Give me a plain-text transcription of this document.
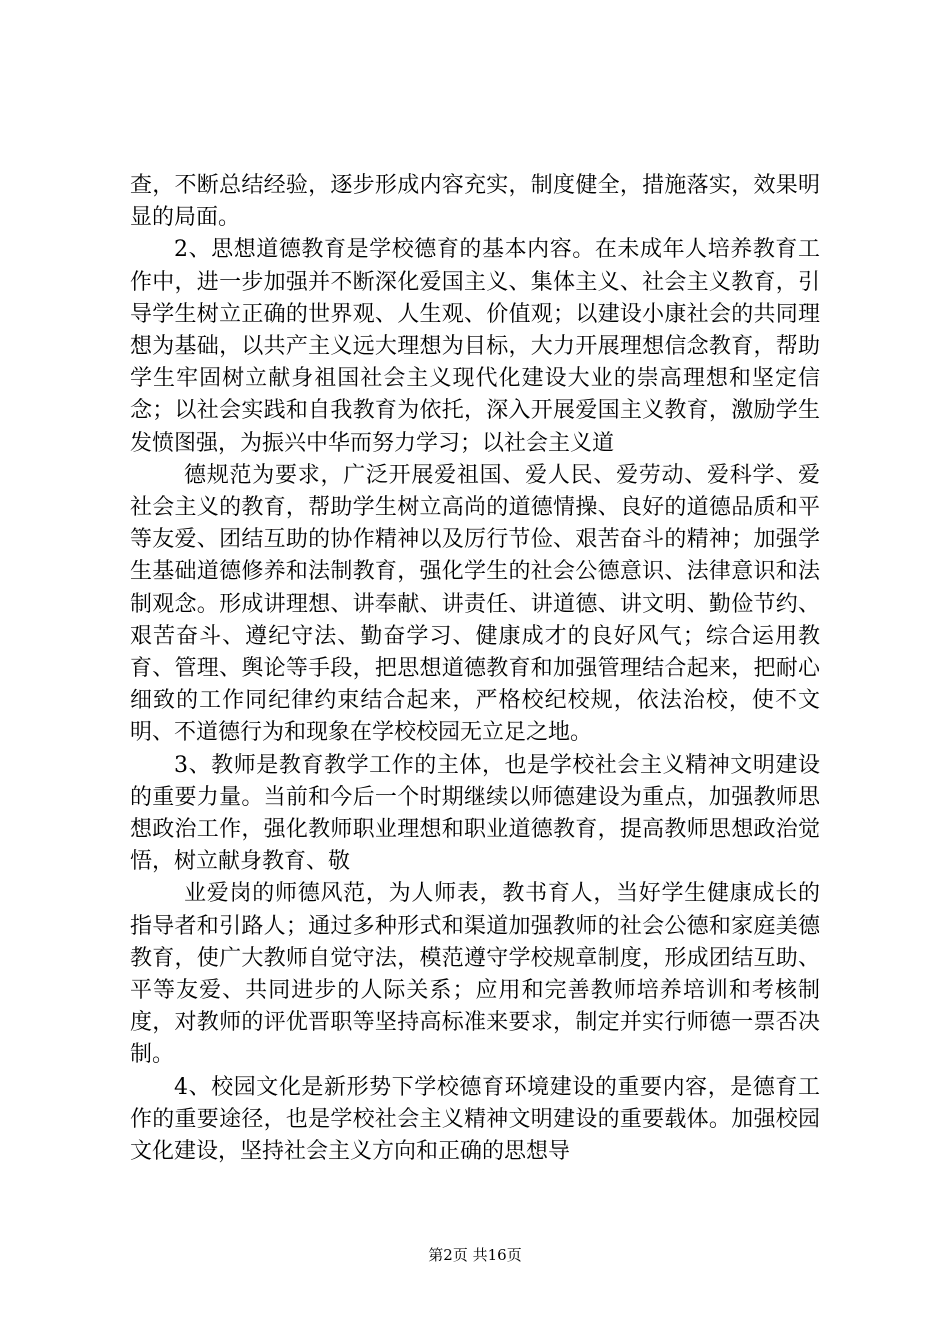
查，不断总结经验，逐步形成内容充实，制度健全，措施落实，效果明显的局面。

2、思想道德教育是学校德育的基本内容。在未成年人培养教育工作中，进一步加强并不断深化爱国主义、集体主义、社会主义教育，引导学生树立正确的世界观、人生观、价值观；以建设小康社会的共同理想为基础，以共产主义远大理想为目标，大力开展理想信念教育，帮助学生牢固树立献身祖国社会主义现代化建设大业的崇高理想和坚定信念；以社会实践和自我教育为依托，深入开展爱国主义教育，激励学生发愤图强，为振兴中华而努力学习；以社会主义道

德规范为要求，广泛开展爱祖国、爱人民、爱劳动、爱科学、爱社会主义的教育，帮助学生树立高尚的道德情操、良好的道德品质和平等友爱、团结互助的协作精神以及厉行节俭、艰苦奋斗的精神；加强学生基础道德修养和法制教育，强化学生的社会公德意识、法律意识和法制观念。形成讲理想、讲奉献、讲责任、讲道德、讲文明、勤俭节约、艰苦奋斗、遵纪守法、勤奋学习、健康成才的良好风气；综合运用教育、管理、舆论等手段，把思想道德教育和加强管理结合起来，把耐心细致的工作同纪律约束结合起来，严格校纪校规，依法治校，使不文明、不道德行为和现象在学校校园无立足之地。

3、教师是教育教学工作的主体，也是学校社会主义精神文明建设的重要力量。当前和今后一个时期继续以师德建设为重点，加强教师思想政治工作，强化教师职业理想和职业道德教育，提高教师思想政治觉悟，树立献身教育、敬

业爱岗的师德风范，为人师表，教书育人，当好学生健康成长的指导者和引路人；通过多种形式和渠道加强教师的社会公德和家庭美德教育，使广大教师自觉守法，模范遵守学校规章制度，形成团结互助、平等友爱、共同进步的人际关系；应用和完善教师培养培训和考核制度，对教师的评优晋职等坚持高标准来要求，制定并实行师德一票否决制。

4、校园文化是新形势下学校德育环境建设的重要内容，是德育工作的重要途径，也是学校社会主义精神文明建设的重要载体。加强校园文化建设，坚持社会主义方向和正确的思想导

第2页 共16页
